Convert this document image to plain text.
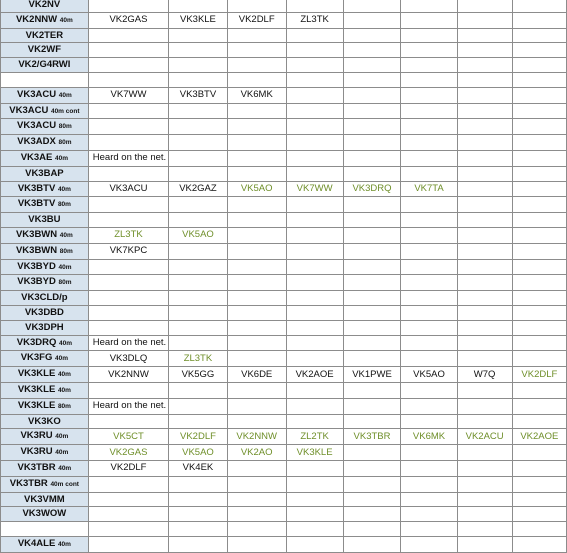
VK2NV								
VK2NNW 40m	VK2GAS	VK3KLE	VK2DLF	ZL3TK				
VK2TER								
VK2WF								
VK2/G4RWI								

VK3ACU 40m	VK7WW	VK3BTV	VK6MK					
VK3ACU 40m cont								
VK3ACU 80m								
VK3ADX 80m								
VK3AE 40m	Heard on the net.							
VK3BAP								
VK3BTV 40m	VK3ACU	VK2GAZ	VK5AO	VK7WW	VK3DRQ	VK7TA		
VK3BTV 80m								
VK3BU								
VK3BWN 40m	ZL3TK	VK5AO						
VK3BWN 80m	VK7KPC							
VK3BYD 40m								
VK3BYD 80m								
VK3CLD/p								
VK3DBD								
VK3DPH								
VK3DRQ 40m	Heard on the net.							
VK3FG 40m	VK3DLQ	ZL3TK						
VK3KLE 40m	VK2NNW	VK5GG	VK6DE	VK2AOE	VK1PWE	VK5AO	W7Q	VK2DLF
VK3KLE 40m								
VK3KLE 80m	Heard on the net.							
VK3KO								
VK3RU 40m	VK5CT	VK2DLF	VK2NNW	ZL2TK	VK3TBR	VK6MK	VK2ACU	VK2AOE
VK3RU 40m	VK2GAS	VK5AO	VK2AO	VK3KLE				
VK3TBR 40m	VK2DLF	VK4EK						
VK3TBR 40m cont								
VK3VMM								
VK3WOW								

VK4ALE 40m								
